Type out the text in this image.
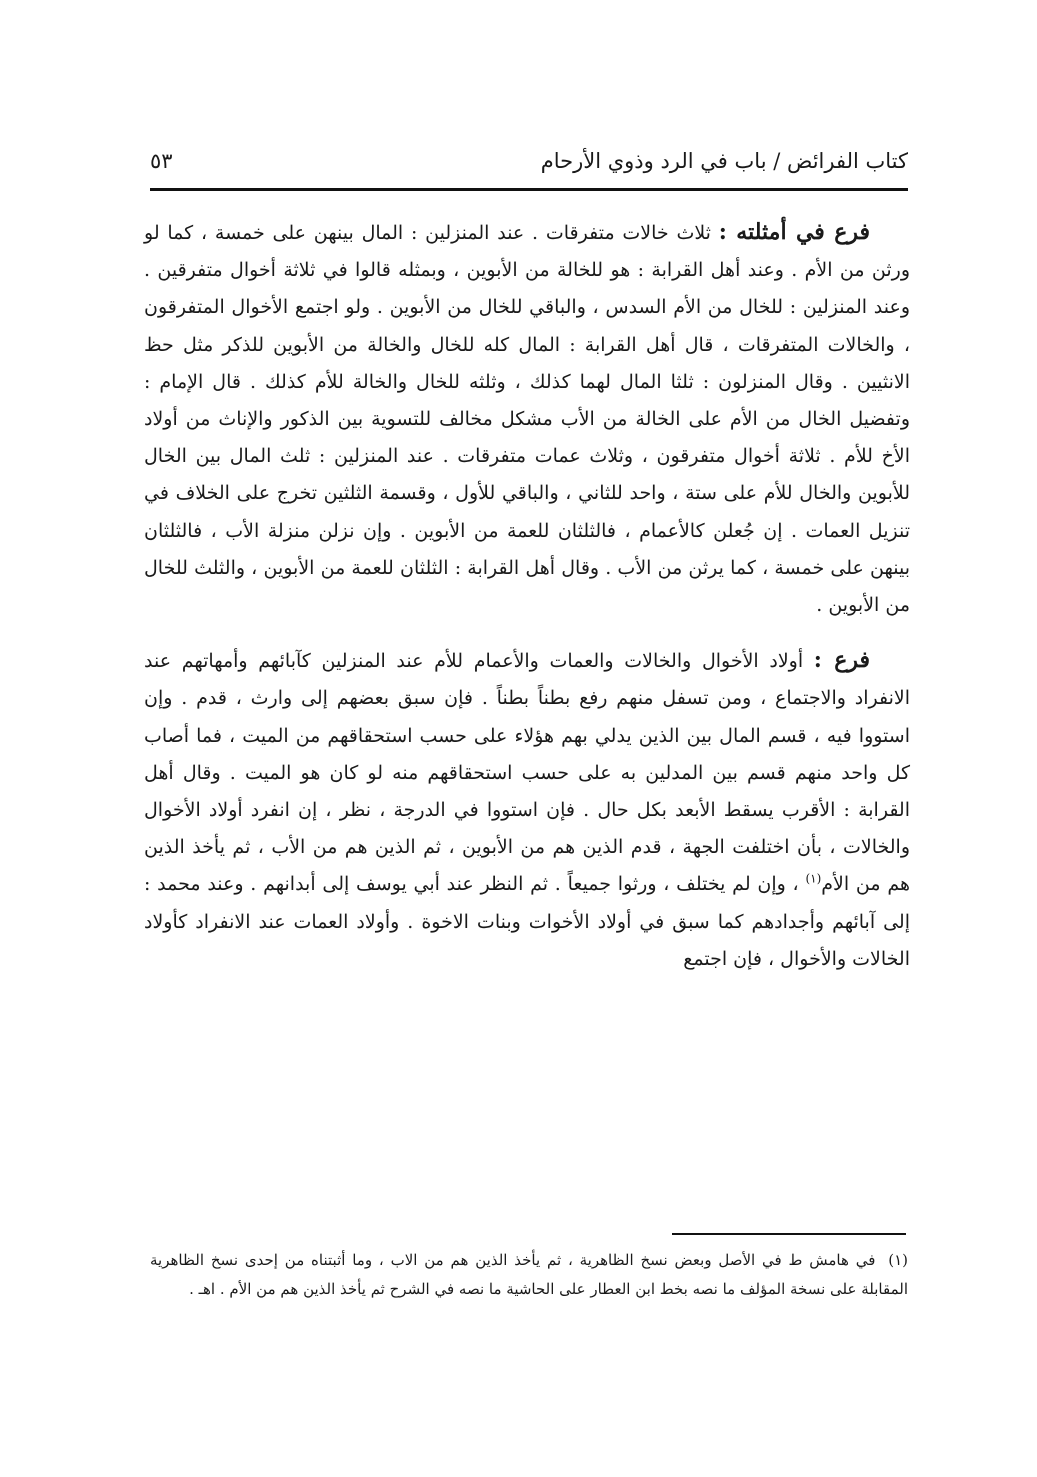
كتاب الفرائض / باب في الرد وذوي الأرحام
٥٣

فرع في أمثلته : ثلاث خالات متفرقات . عند المنزلين : المال بينهن على خمسة ، كما لو ورثن من الأم . وعند أهل القرابة : هو للخالة من الأبوين ، وبمثله قالوا في ثلاثة أخوال متفرقين . وعند المنزلين : للخال من الأم السدس ، والباقي للخال من الأبوين . ولو اجتمع الأخوال المتفرقون ، والخالات المتفرقات ، قال أهل القرابة : المال كله للخال والخالة من الأبوين للذكر مثل حظ الانثيين . وقال المنزلون : ثلثا المال لهما كذلك ، وثلثه للخال والخالة للأم كذلك . قال الإمام : وتفضيل الخال من الأم على الخالة من الأب مشكل مخالف للتسوية بين الذكور والإناث من أولاد الأخ للأم . ثلاثة أخوال متفرقون ، وثلاث عمات متفرقات . عند المنزلين : ثلث المال بين الخال للأبوين والخال للأم على ستة ، واحد للثاني ، والباقي للأول ، وقسمة الثلثين تخرج على الخلاف في تنزيل العمات . إن جُعلن كالأعمام ، فالثلثان للعمة من الأبوين . وإن نزلن منزلة الأب ، فالثلثان بينهن على خمسة ، كما يرثن من الأب . وقال أهل القرابة : الثلثان للعمة من الأبوين ، والثلث للخال من الأبوين .

فرع : أولاد الأخوال والخالات والعمات والأعمام للأم عند المنزلين كآبائهم وأمهاتهم عند الانفراد والاجتماع ، ومن تسفل منهم رفع بطناً بطناً . فإن سبق بعضهم إلى وارث ، قدم . وإن استووا فيه ، قسم المال بين الذين يدلي بهم هؤلاء على حسب استحقاقهم من الميت ، فما أصاب كل واحد منهم قسم بين المدلين به على حسب استحقاقهم منه لو كان هو الميت . وقال أهل القرابة : الأقرب يسقط الأبعد بكل حال . فإن استووا في الدرجة ، نظر ، إن انفرد أولاد الأخوال والخالات ، بأن اختلفت الجهة ، قدم الذين هم من الأبوين ، ثم الذين هم من الأب ، ثم يأخذ الذين هم من الأم$^{(١)}$ ، وإن لم يختلف ، ورثوا جميعاً . ثم النظر عند أبي يوسف إلى أبدانهم . وعند محمد : إلى آبائهم وأجدادهم كما سبق في أولاد الأخوات وبنات الاخوة . وأولاد العمات عند الانفراد كأولاد الخالات والأخوال ، فإن اجتمع

(١) في هامش ط في الأصل وبعض نسخ الظاهرية ، ثم يأخذ الذين هم من الاب ، وما أثبتناه من إحدى نسخ الظاهرية المقابلة على نسخة المؤلف ما نصه بخط ابن العطار على الحاشية ما نصه في الشرح ثم يأخذ الذين هم من الأم . اهـ .
